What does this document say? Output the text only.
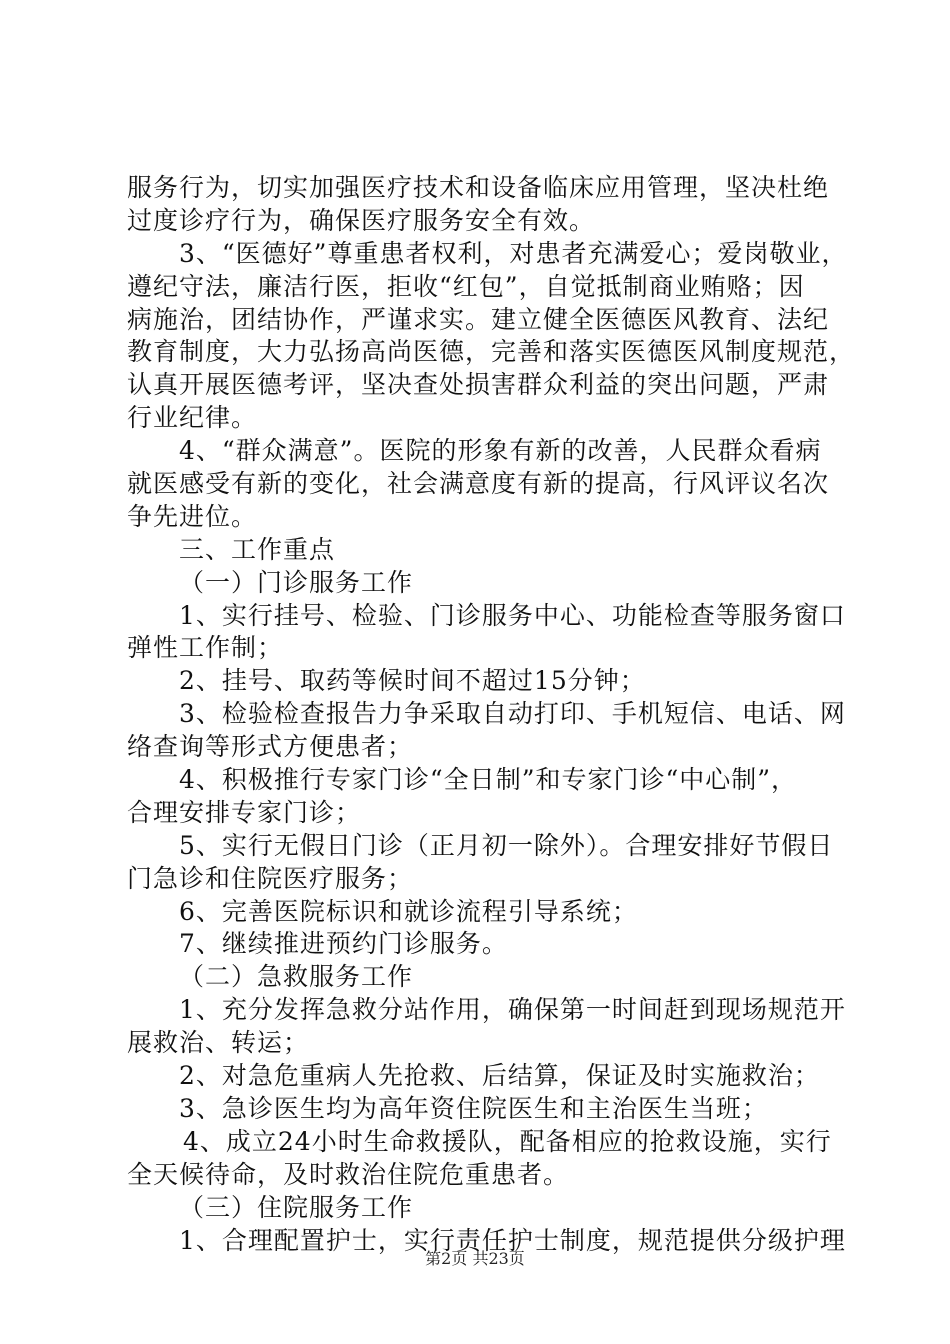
服务行为，切实加强医疗技术和设备临床应用管理，坚决杜绝
过度诊疗行为，确保医疗服务安全有效。
3、“医德好”尊重患者权利，对患者充满爱心；爱岗敬业，
遵纪守法，廉洁行医，拒收“红包”，自觉抵制商业贿赂；因
病施治，团结协作，严谨求实。建立健全医德医风教育、法纪
教育制度，大力弘扬高尚医德，完善和落实医德医风制度规范，
认真开展医德考评，坚决查处损害群众利益的突出问题，严肃
行业纪律。
4、“群众满意”。医院的形象有新的改善，人民群众看病
就医感受有新的变化，社会满意度有新的提高，行风评议名次
争先进位。
三、工作重点
（一）门诊服务工作
1、实行挂号、检验、门诊服务中心、功能检查等服务窗口
弹性工作制；
2、挂号、取药等候时间不超过15分钟；
3、检验检查报告力争采取自动打印、手机短信、电话、网
络查询等形式方便患者；
4、积极推行专家门诊“全日制”和专家门诊“中心制”，
合理安排专家门诊；
5、实行无假日门诊（正月初一除外）。合理安排好节假日
门急诊和住院医疗服务；
6、完善医院标识和就诊流程引导系统；
7、继续推进预约门诊服务。
（二）急救服务工作
1、充分发挥急救分站作用，确保第一时间赶到现场规范开
展救治、转运；
2、对急危重病人先抢救、后结算，保证及时实施救治；
3、急诊医生均为高年资住院医生和主治医生当班；
4、成立24小时生命救援队，配备相应的抢救设施，实行
全天候待命，及时救治住院危重患者。
（三）住院服务工作
1、合理配置护士，实行责任护士制度，规范提供分级护理
第2页 共23页
